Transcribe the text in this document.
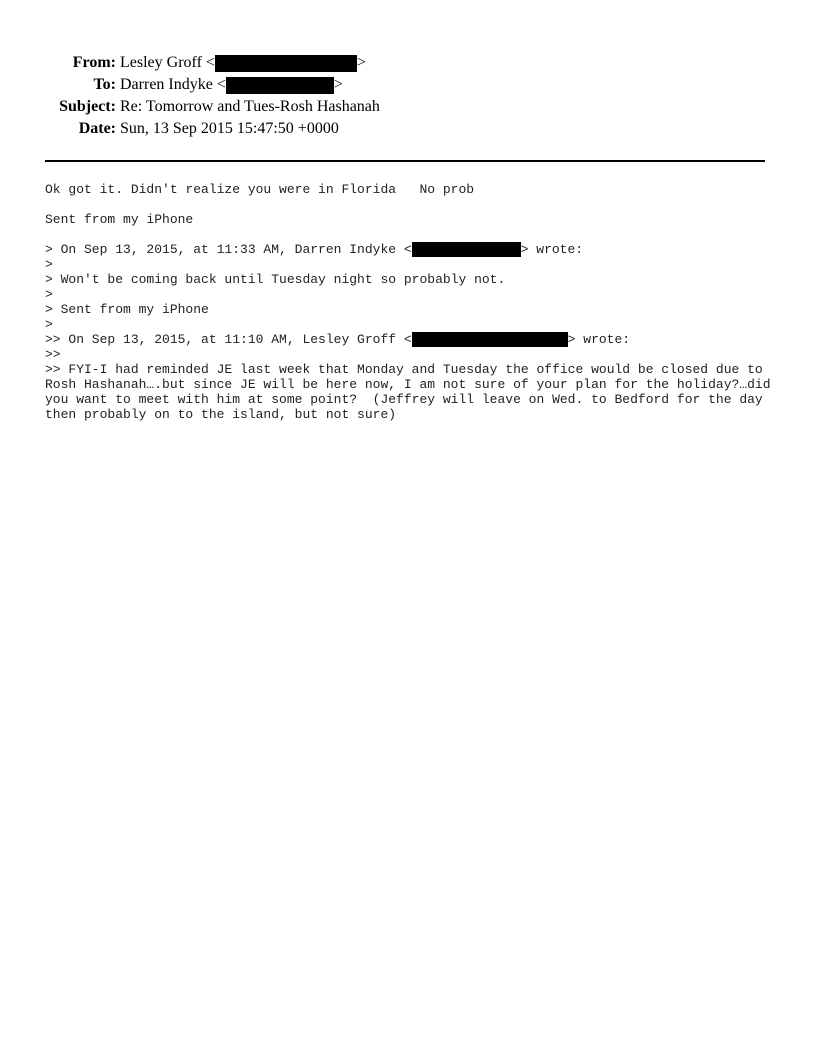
From: Lesley Groff <	>
To: Darren Indyke <	>
Subject: Re: Tomorrow and Tues-Rosh Hashanah
Date: Sun, 13 Sep 2015 15:47:50 +0000
Ok got it. Didn't realize you were in Florida   No prob
Sent from my iPhone
> On Sep 13, 2015, at 11:33 AM, Darren Indyke <	> wrote:
>
> Won't be coming back until Tuesday night so probably not.
>
> Sent from my iPhone
>
>> On Sep 13, 2015, at 11:10 AM, Lesley Groff <	> wrote:
>>
>> FYI-I had reminded JE last week that Monday and Tuesday the office would be closed due to
Rosh Hashanah….but since JE will be here now, I am not sure of your plan for the holiday?…did
you want to meet with him at some point?  (Jeffrey will leave on Wed. to Bedford for the day
then probably on to the island, but not sure)
